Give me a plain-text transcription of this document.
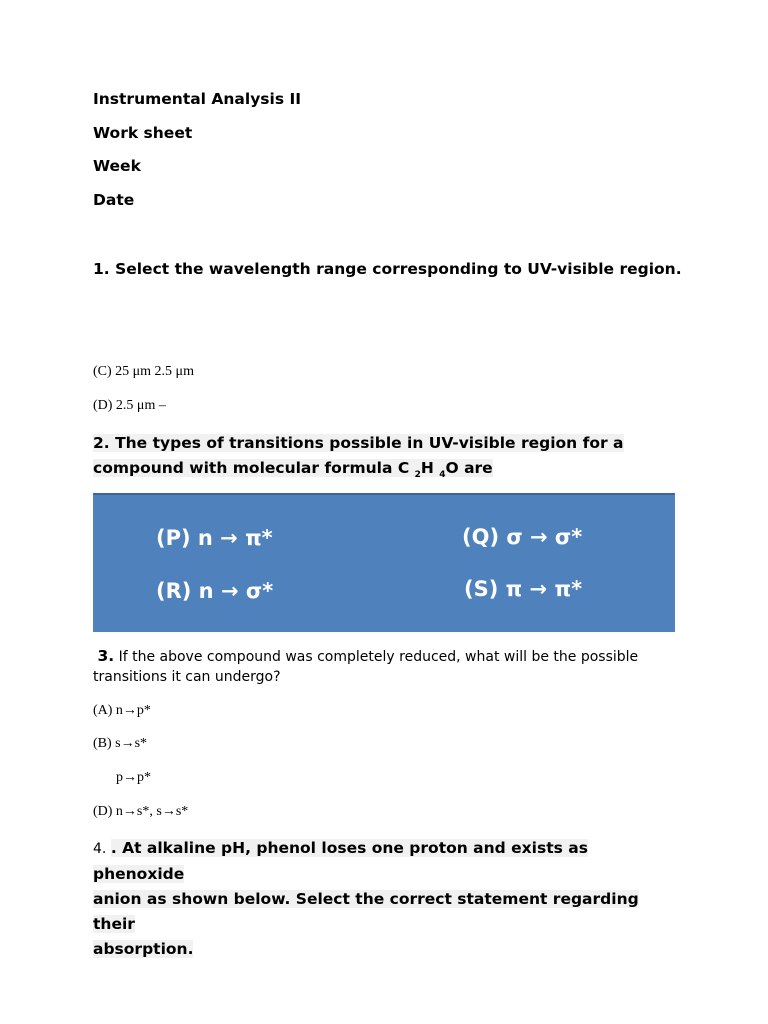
Instrumental Analysis II
Work sheet
Week
Date
1. Select the wavelength range corresponding to UV-visible region.
(C) 25 μm 2.5 μm
(D) 2.5 μm –
2. The types of transitions possible in UV-visible region for a
compound with molecular formula C $_2$H $_4$O are
(P) n → π*	(Q) σ → σ*
(R) n → σ*	(S) π → π*
3. If the above compound was completely reduced, what will be the possible transitions it can undergo?
(A) n→p*
(B) s→s*
p→p*
(D) n→s*, s→s*
4. . At alkaline pH, phenol loses one proton and exists as phenoxide
anion as shown below. Select the correct statement regarding their
absorption.
